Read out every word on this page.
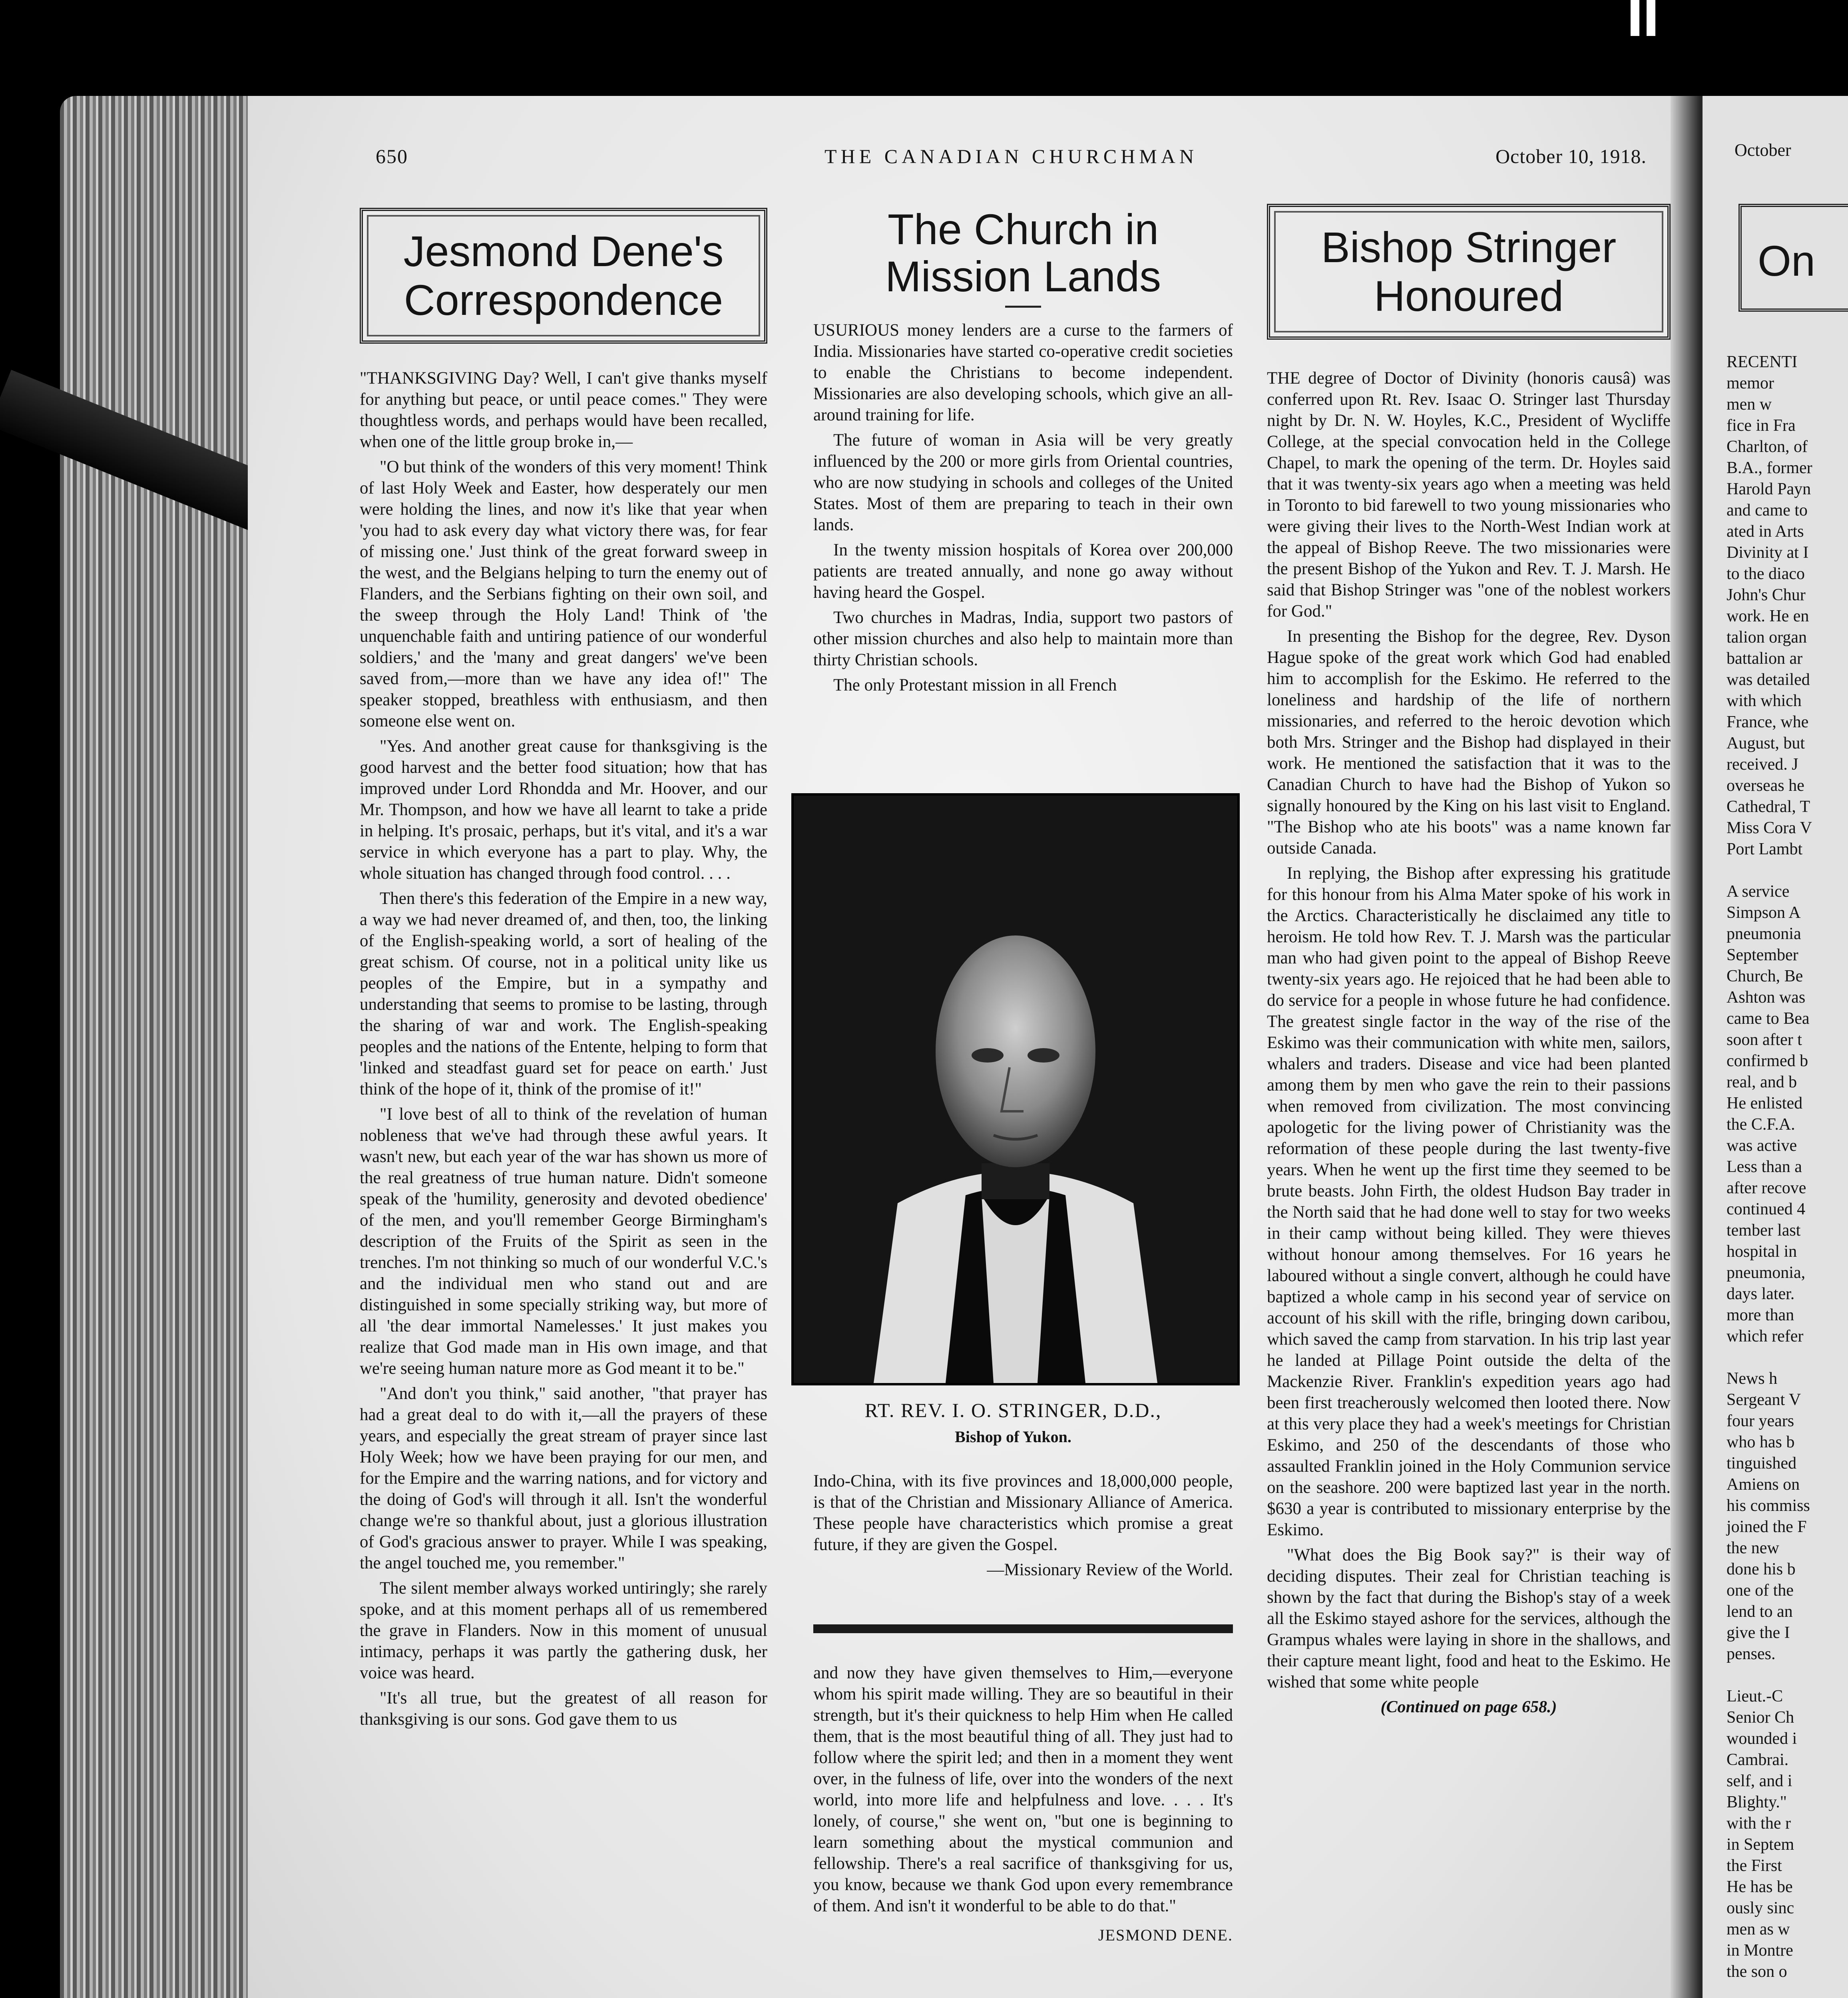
October
On
RECENTI
memor
men w
fice in Fra
Charlton, of
B.A., former
Harold Payn
and came to
ated in Arts
Divinity at I
to the diaco
John's Chur
work. He en
talion organ
battalion ar
was detailed
with which
France, whe
August, but
received. J
overseas he
Cathedral, T
Miss Cora V
Port Lambt
A service
Simpson A
pneumonia
September
Church, Be
Ashton was
came to Bea
soon after t
confirmed b
real, and b
He enlisted
the C.F.A.
was active
Less than a
after recove
continued 4
tember last
hospital in
pneumonia,
days later.
more than
which refer
News h
Sergeant V
four years
who has b
tinguished
Amiens on
his commiss
joined the F
the new
done his b
one of the
lend to an
give the I
penses.
Lieut.-C
Senior Ch
wounded i
Cambrai.
self, and i
Blighty."
with the r
in Septem
the First
He has be
ously sinc
men as w
in Montre
the son o
650	THE CANADIAN CHURCHMAN	October 10, 1918.
Jesmond Dene's Correspondence

"THANKSGIVING Day? Well, I can't give thanks myself for anything but peace, or until peace comes." They were thoughtless words, and perhaps would have been recalled, when one of the little group broke in,—

"O but think of the wonders of this very moment! Think of last Holy Week and Easter, how desperately our men were holding the lines, and now it's like that year when 'you had to ask every day what victory there was, for fear of missing one.' Just think of the great forward sweep in the west, and the Belgians helping to turn the enemy out of Flanders, and the Serbians fighting on their own soil, and the sweep through the Holy Land! Think of 'the unquenchable faith and untiring patience of our wonderful soldiers,' and the 'many and great dangers' we've been saved from,—more than we have any idea of!" The speaker stopped, breathless with enthusiasm, and then someone else went on.

"Yes. And another great cause for thanksgiving is the good harvest and the better food situation; how that has improved under Lord Rhondda and Mr. Hoover, and our Mr. Thompson, and how we have all learnt to take a pride in helping. It's prosaic, perhaps, but it's vital, and it's a war service in which everyone has a part to play. Why, the whole situation has changed through food control. . . .

Then there's this federation of the Empire in a new way, a way we had never dreamed of, and then, too, the linking of the English-speaking world, a sort of healing of the great schism. Of course, not in a political unity like us peoples of the Empire, but in a sympathy and understanding that seems to promise to be lasting, through the sharing of war and work. The English-speaking peoples and the nations of the Entente, helping to form that 'linked and steadfast guard set for peace on earth.' Just think of the hope of it, think of the promise of it!"

"I love best of all to think of the revelation of human nobleness that we've had through these awful years. It wasn't new, but each year of the war has shown us more of the real greatness of true human nature. Didn't someone speak of the 'humility, generosity and devoted obedience' of the men, and you'll remember George Birmingham's description of the Fruits of the Spirit as seen in the trenches. I'm not thinking so much of our wonderful V.C.'s and the individual men who stand out and are distinguished in some specially striking way, but more of all 'the dear immortal Namelesses.' It just makes you realize that God made man in His own image, and that we're seeing human nature more as God meant it to be."

"And don't you think," said another, "that prayer has had a great deal to do with it,—all the prayers of these years, and especially the great stream of prayer since last Holy Week; how we have been praying for our men, and for the Empire and the warring nations, and for victory and the doing of God's will through it all. Isn't the wonderful change we're so thankful about, just a glorious illustration of God's gracious answer to prayer. While I was speaking, the angel touched me, you remember."

The silent member always worked untiringly; she rarely spoke, and at this moment perhaps all of us remembered the grave in Flanders. Now in this moment of unusual intimacy, perhaps it was partly the gathering dusk, her voice was heard.

"It's all true, but the greatest of all reason for thanksgiving is our sons. God gave them to us

The Church in Mission Lands

USURIOUS money lenders are a curse to the farmers of India. Missionaries have started co-operative credit societies to enable the Christians to become independent. Missionaries are also developing schools, which give an all-around training for life.

The future of woman in Asia will be very greatly influenced by the 200 or more girls from Oriental countries, who are now studying in schools and colleges of the United States. Most of them are preparing to teach in their own lands.

In the twenty mission hospitals of Korea over 200,000 patients are treated annually, and none go away without having heard the Gospel.

Two churches in Madras, India, support two pastors of other mission churches and also help to maintain more than thirty Christian schools.

The only Protestant mission in all French

RT. REV. I. O. STRINGER, D.D.,
Bishop of Yukon.

Indo-China, with its five provinces and 18,000,000 people, is that of the Christian and Missionary Alliance of America. These people have characteristics which promise a great future, if they are given the Gospel.

—Missionary Review of the World.

and now they have given themselves to Him,—everyone whom his spirit made willing. They are so beautiful in their strength, but it's their quickness to help Him when He called them, that is the most beautiful thing of all. They just had to follow where the spirit led; and then in a moment they went over, in the fulness of life, over into the wonders of the next world, into more life and helpfulness and love. . . . It's lonely, of course," she went on, "but one is beginning to learn something about the mystical communion and fellowship. There's a real sacrifice of thanksgiving for us, you know, because we thank God upon every remembrance of them. And isn't it wonderful to be able to do that."

JESMOND DENE.
Bishop Stringer Honoured

THE degree of Doctor of Divinity (honoris causâ) was conferred upon Rt. Rev. Isaac O. Stringer last Thursday night by Dr. N. W. Hoyles, K.C., President of Wycliffe College, at the special convocation held in the College Chapel, to mark the opening of the term. Dr. Hoyles said that it was twenty-six years ago when a meeting was held in Toronto to bid farewell to two young missionaries who were giving their lives to the North-West Indian work at the appeal of Bishop Reeve. The two missionaries were the present Bishop of the Yukon and Rev. T. J. Marsh. He said that Bishop Stringer was "one of the noblest workers for God."

In presenting the Bishop for the degree, Rev. Dyson Hague spoke of the great work which God had enabled him to accomplish for the Eskimo. He referred to the loneliness and hardship of the life of northern missionaries, and referred to the heroic devotion which both Mrs. Stringer and the Bishop had displayed in their work. He mentioned the satisfaction that it was to the Canadian Church to have had the Bishop of Yukon so signally honoured by the King on his last visit to England. "The Bishop who ate his boots" was a name known far outside Canada.

In replying, the Bishop after expressing his gratitude for this honour from his Alma Mater spoke of his work in the Arctics. Characteristically he disclaimed any title to heroism. He told how Rev. T. J. Marsh was the particular man who had given point to the appeal of Bishop Reeve twenty-six years ago. He rejoiced that he had been able to do service for a people in whose future he had confidence. The greatest single factor in the way of the rise of the Eskimo was their communication with white men, sailors, whalers and traders. Disease and vice had been planted among them by men who gave the rein to their passions when removed from civilization. The most convincing apologetic for the living power of Christianity was the reformation of these people during the last twenty-five years. When he went up the first time they seemed to be brute beasts. John Firth, the oldest Hudson Bay trader in the North said that he had done well to stay for two weeks in their camp without being killed. They were thieves without honour among themselves. For 16 years he laboured without a single convert, although he could have baptized a whole camp in his second year of service on account of his skill with the rifle, bringing down caribou, which saved the camp from starvation. In his trip last year he landed at Pillage Point outside the delta of the Mackenzie River. Franklin's expedition years ago had been first treacherously welcomed then looted there. Now at this very place they had a week's meetings for Christian Eskimo, and 250 of the descendants of those who assaulted Franklin joined in the Holy Communion service on the seashore. 200 were baptized last year in the north. $630 a year is contributed to missionary enterprise by the Eskimo.

"What does the Big Book say?" is their way of deciding disputes. Their zeal for Christian teaching is shown by the fact that during the Bishop's stay of a week all the Eskimo stayed ashore for the services, although the Grampus whales were laying in shore in the shallows, and their capture meant light, food and heat to the Eskimo. He wished that some white people

(Continued on page 658.)
